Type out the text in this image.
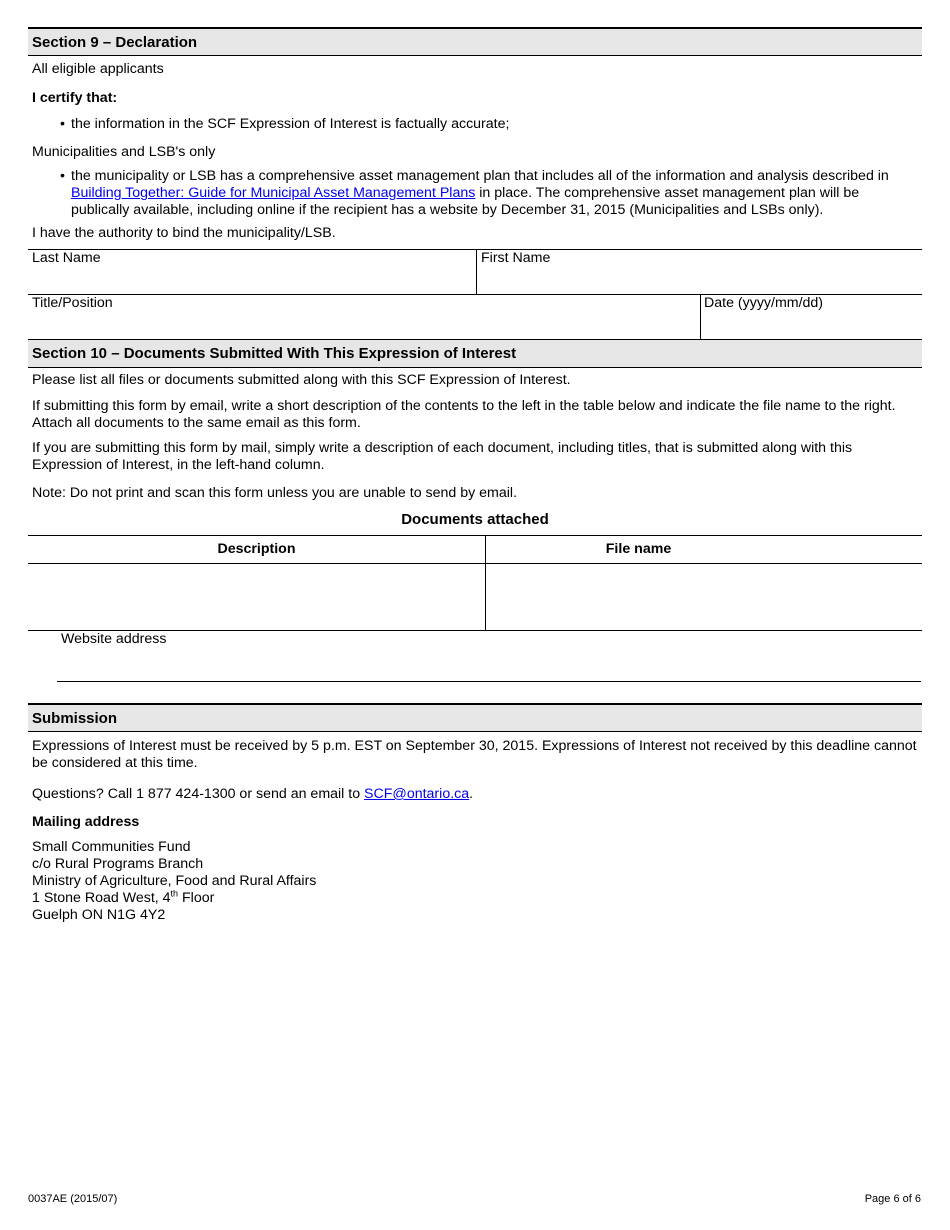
Section 9 – Declaration
All eligible applicants
I certify that:
• the information in the SCF Expression of Interest is factually accurate;
Municipalities and LSB's only
• the municipality or LSB has a comprehensive asset management plan that includes all of the information and analysis described in Building Together: Guide for Municipal Asset Management Plans in place. The comprehensive asset management plan will be publically available, including online if the recipient has a website by December 31, 2015 (Municipalities and LSBs only).
I have the authority to bind the municipality/LSB.
Last Name	First Name
Title/Position	Date (yyyy/mm/dd)
Section 10 – Documents Submitted With This Expression of Interest
Please list all files or documents submitted along with this SCF Expression of Interest.
If submitting this form by email, write a short description of the contents to the left in the table below and indicate the file name to the right. Attach all documents to the same email as this form.
If you are submitting this form by mail, simply write a description of each document, including titles, that is submitted along with this Expression of Interest, in the left-hand column.
Note: Do not print and scan this form unless you are unable to send by email.
Documents attached
Description	File name
Website address
Submission
Expressions of Interest must be received by 5 p.m. EST on September 30, 2015. Expressions of Interest not received by this deadline cannot be considered at this time.
Questions? Call 1 877 424-1300 or send an email to SCF@ontario.ca.
Mailing address
Small Communities Fund
c/o Rural Programs Branch
Ministry of Agriculture, Food and Rural Affairs
1 Stone Road West, 4th Floor
Guelph ON N1G 4Y2
0037AE (2015/07)	Page 6 of 6
